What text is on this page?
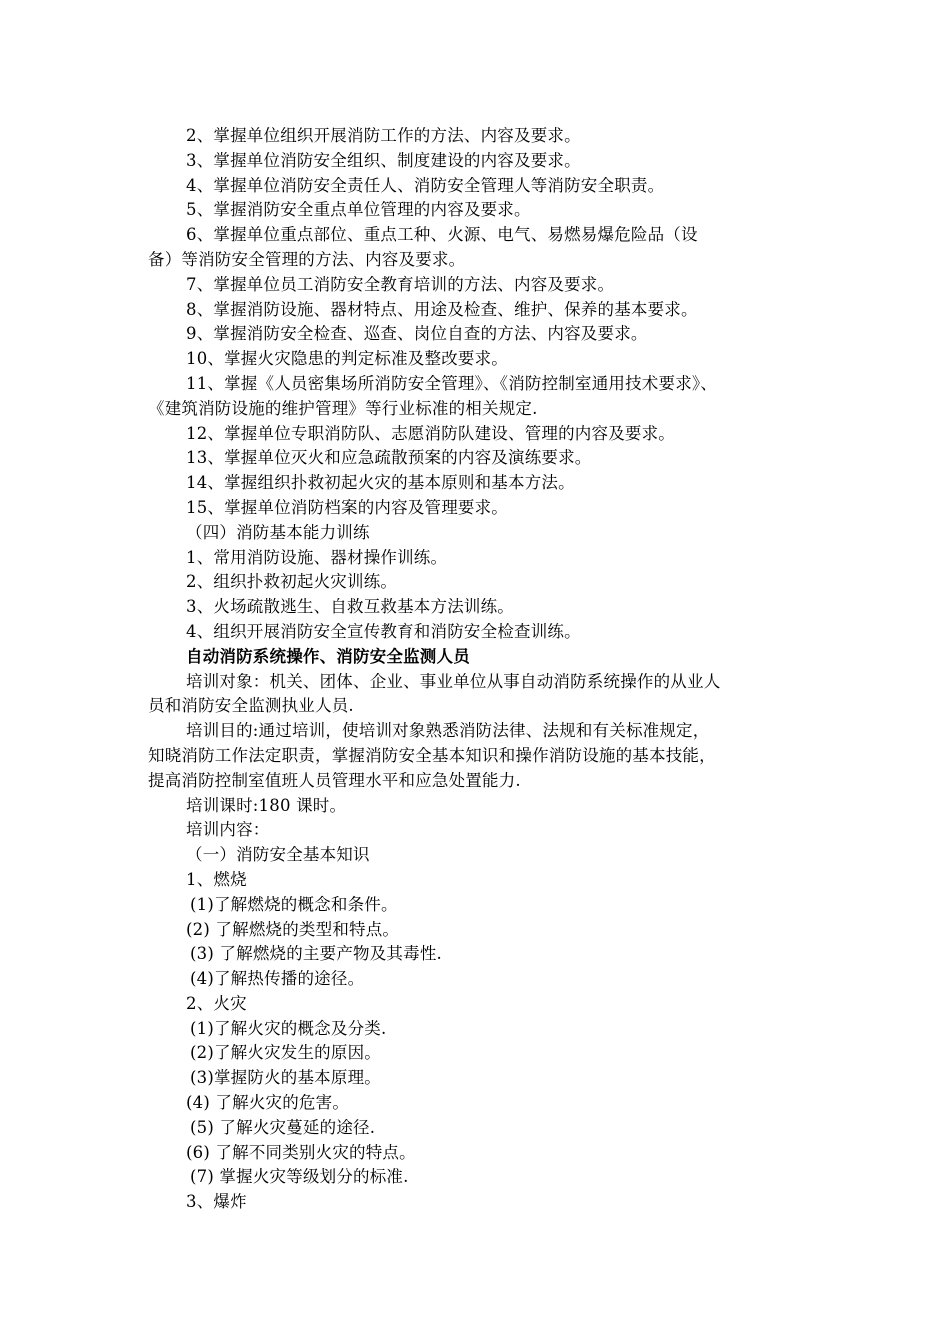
2、掌握单位组织开展消防工作的方法、内容及要求。
3、掌握单位消防安全组织、制度建设的内容及要求。
4、掌握单位消防安全责任人、消防安全管理人等消防安全职责。
5、掌握消防安全重点单位管理的内容及要求。
6、掌握单位重点部位、重点工种、火源、电气、易燃易爆危险品（设
备）等消防安全管理的方法、内容及要求。
7、掌握单位员工消防安全教育培训的方法、内容及要求。
8、掌握消防设施、器材特点、用途及检查、维护、保养的基本要求。
9、掌握消防安全检查、巡查、岗位自查的方法、内容及要求。
10、掌握火灾隐患的判定标准及整改要求。
11、掌握《人员密集场所消防安全管理》、《消防控制室通用技术要求》、
《建筑消防设施的维护管理》等行业标准的相关规定.
12、掌握单位专职消防队、志愿消防队建设、管理的内容及要求。
13、掌握单位灭火和应急疏散预案的内容及演练要求。
14、掌握组织扑救初起火灾的基本原则和基本方法。
15、掌握单位消防档案的内容及管理要求。
（四）消防基本能力训练
1、常用消防设施、器材操作训练。
2、组织扑救初起火灾训练。
3、火场疏散逃生、自救互救基本方法训练。
4、组织开展消防安全宣传教育和消防安全检查训练。
自动消防系统操作、消防安全监测人员
培训对象：机关、团体、企业、事业单位从事自动消防系统操作的从业人
员和消防安全监测执业人员.
培训目的:通过培训，使培训对象熟悉消防法律、法规和有关标准规定，
知晓消防工作法定职责，掌握消防安全基本知识和操作消防设施的基本技能，
提高消防控制室值班人员管理水平和应急处置能力.
培训课时:180 课时。
培训内容：
（一）消防安全基本知识
1、燃烧
(1)了解燃烧的概念和条件。
(2) 了解燃烧的类型和特点。
(3) 了解燃烧的主要产物及其毒性.
(4)了解热传播的途径。
2、火灾
(1)了解火灾的概念及分类.
(2)了解火灾发生的原因。
(3)掌握防火的基本原理。
(4) 了解火灾的危害。
(5) 了解火灾蔓延的途径.
(6) 了解不同类别火灾的特点。
(7) 掌握火灾等级划分的标准.
3、爆炸
